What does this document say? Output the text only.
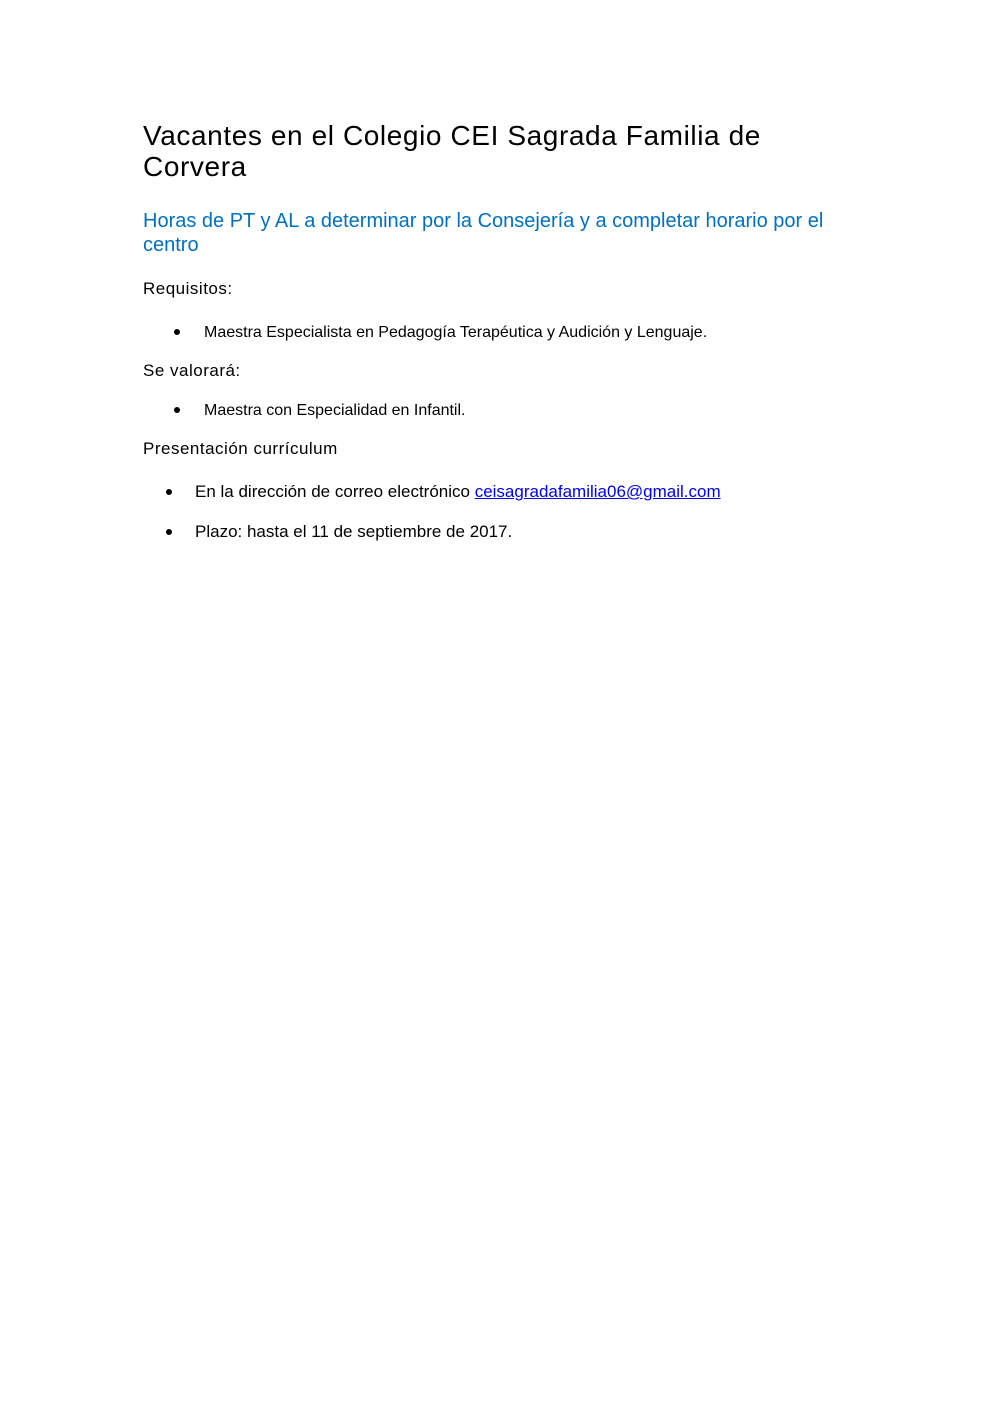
Vacantes en el Colegio CEI Sagrada Familia de Corvera
Horas de PT y AL a determinar por la Consejería y a completar horario por el centro

Requisitos:

Maestra Especialista en Pedagogía Terapéutica y Audición y Lenguaje.

Se valorará:

Maestra con Especialidad en Infantil.

Presentación currículum

En la dirección de correo electrónico ceisagradafamilia06@gmail.com
Plazo: hasta el 11 de septiembre de 2017.
